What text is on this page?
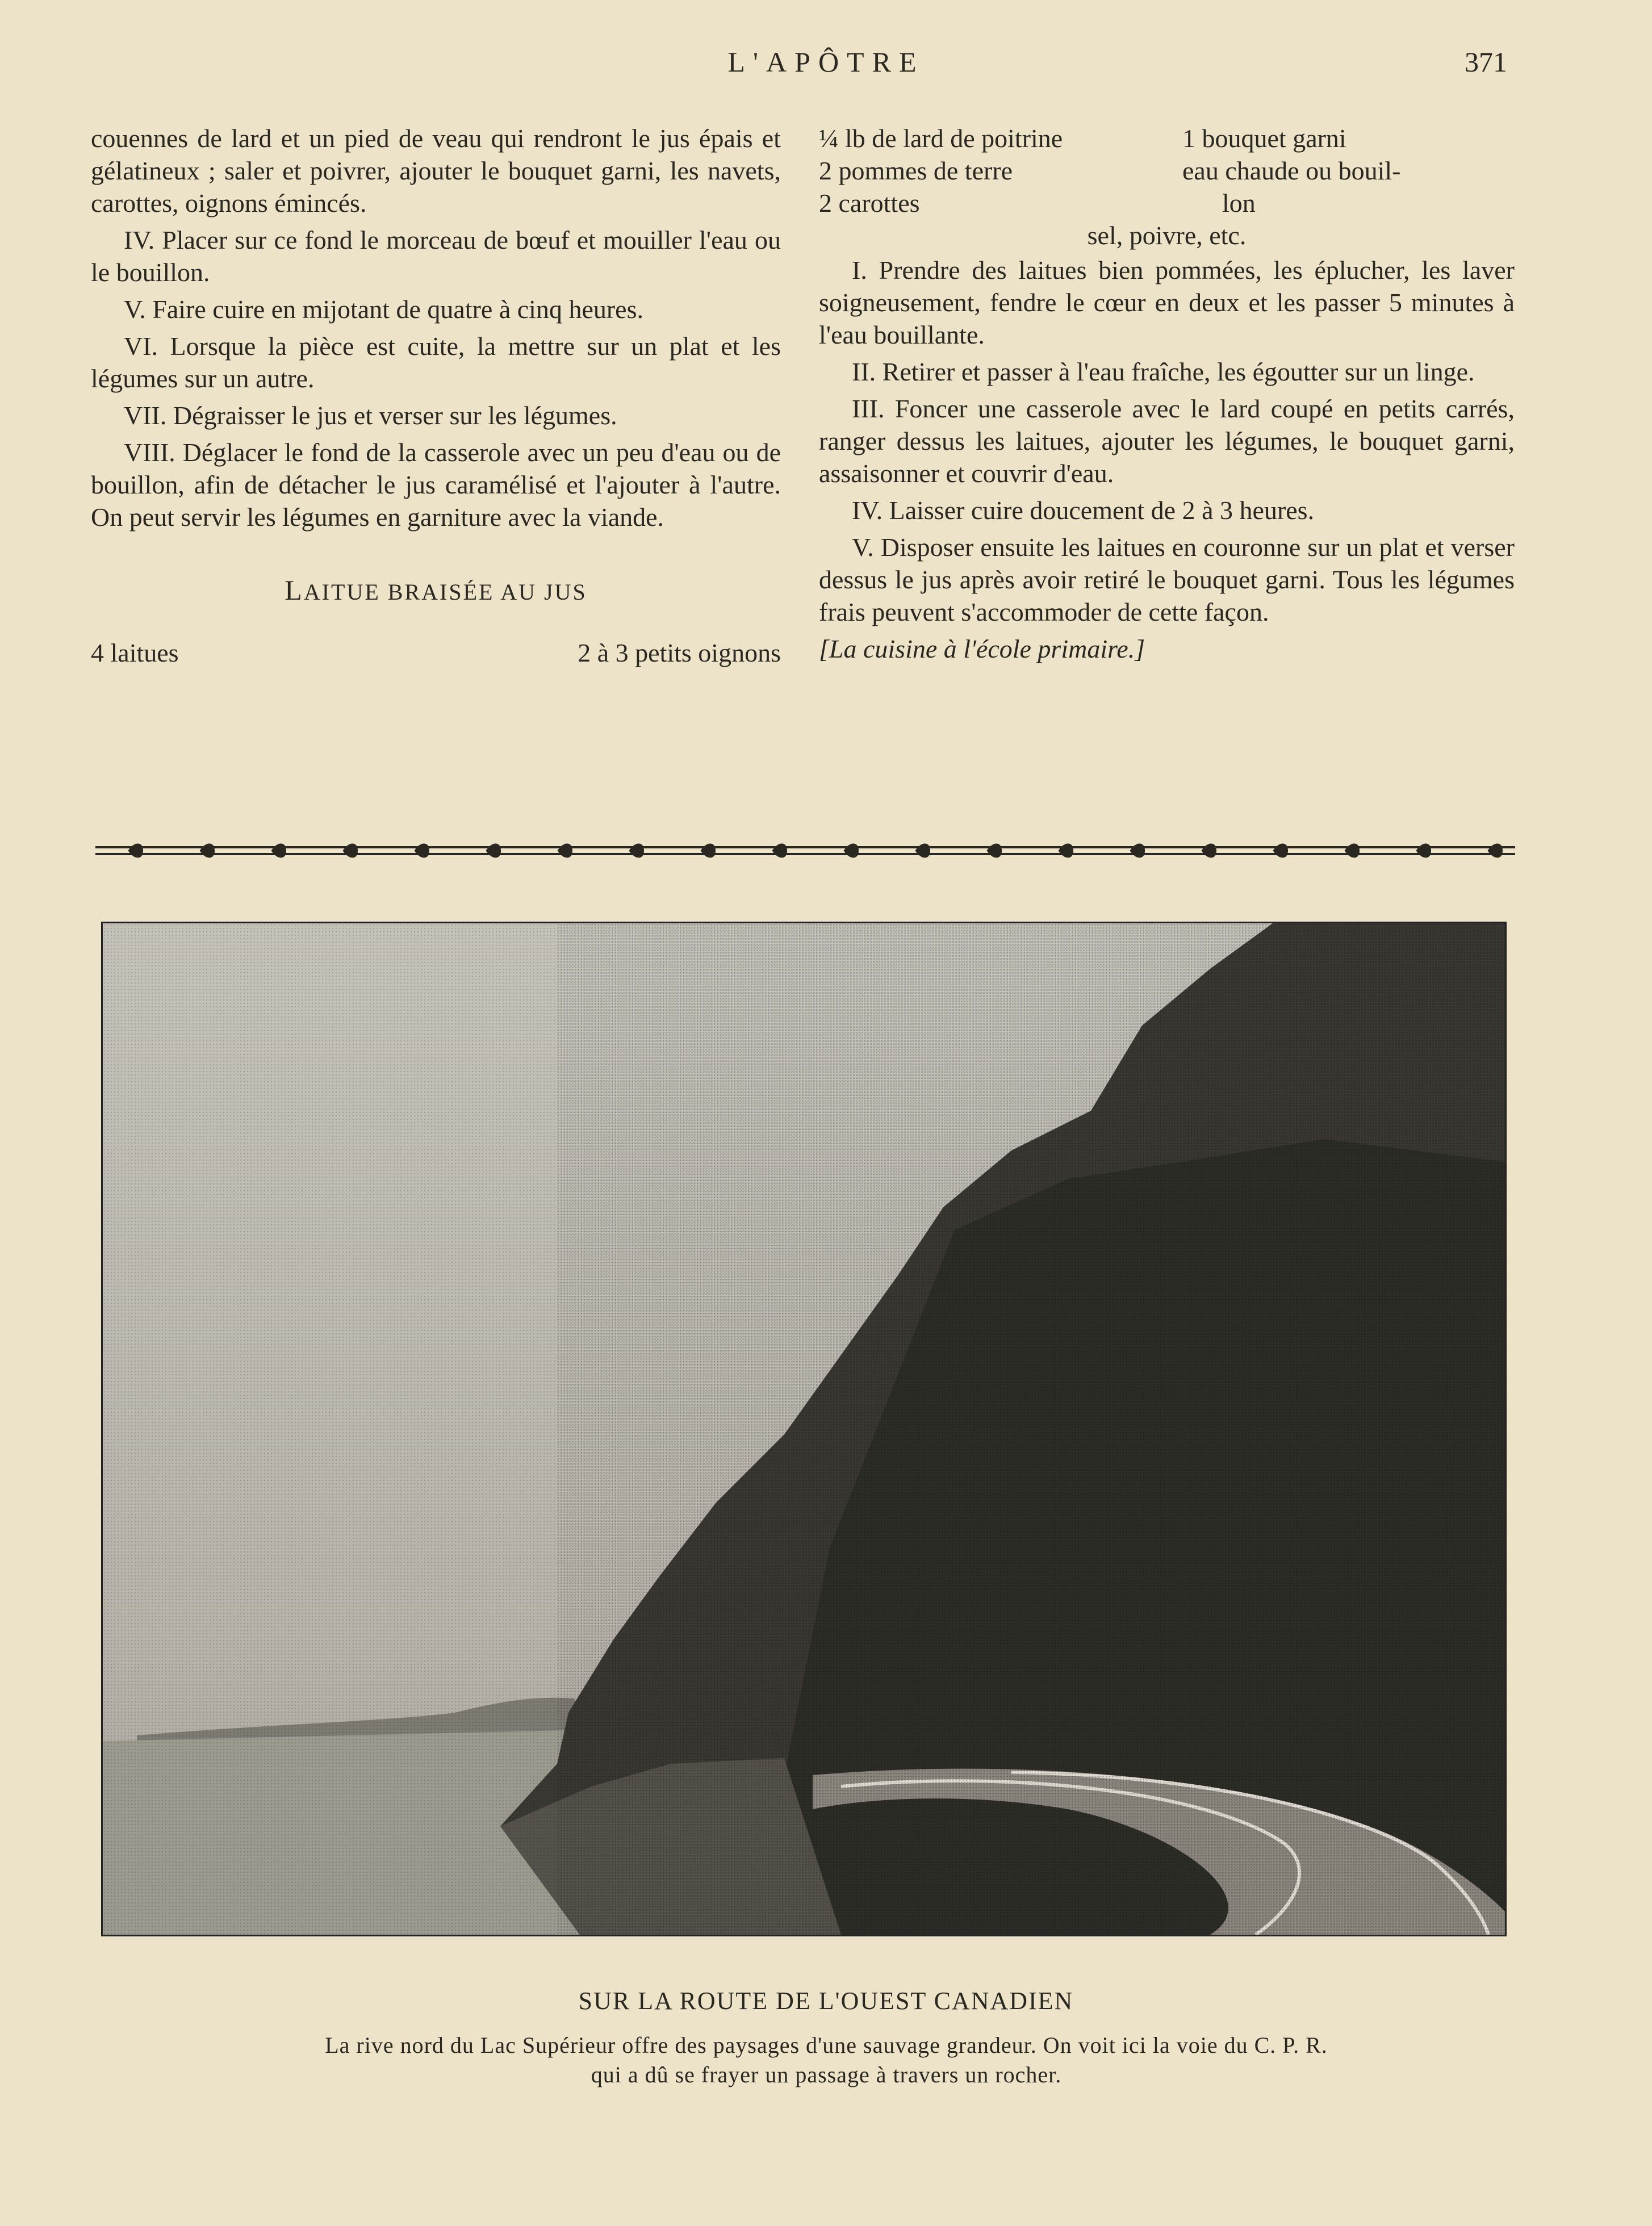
L'APÔTRE	371

couennes de lard et un pied de veau qui rendront le jus épais et gélatineux ; saler et poivrer, ajouter le bouquet garni, les navets, carottes, oignons émincés.

IV. Placer sur ce fond le morceau de bœuf et mouiller l'eau ou le bouillon.

V. Faire cuire en mijotant de quatre à cinq heures.

VI. Lorsque la pièce est cuite, la mettre sur un plat et les légumes sur un autre.

VII. Dégraisser le jus et verser sur les légumes.

VIII. Déglacer le fond de la casserole avec un peu d'eau ou de bouillon, afin de détacher le jus caramélisé et l'ajouter à l'autre. On peut servir les légumes en garniture avec la viande.

LAITUE BRAISÉE AU JUS
4 laitues	2 à 3 petits oignons
¼ lb de lard de poitrine	1 bouquet garni
2 pommes de terre	eau chaude ou bouil-
2 carottes	lon
sel, poivre, etc.

I. Prendre des laitues bien pommées, les éplucher, les laver soigneusement, fendre le cœur en deux et les passer 5 minutes à l'eau bouillante.

II. Retirer et passer à l'eau fraîche, les égoutter sur un linge.

III. Foncer une casserole avec le lard coupé en petits carrés, ranger dessus les laitues, ajouter les légumes, le bouquet garni, assaisonner et couvrir d'eau.

IV. Laisser cuire doucement de 2 à 3 heures.

V. Disposer ensuite les laitues en couronne sur un plat et verser dessus le jus après avoir retiré le bouquet garni. Tous les légumes frais peuvent s'accommoder de cette façon.

[La cuisine à l'école primaire.]

SUR LA ROUTE DE L'OUEST CANADIEN
La rive nord du Lac Supérieur offre des paysages d'une sauvage grandeur. On voit ici la voie du C. P. R.
qui a dû se frayer un passage à travers un rocher.
